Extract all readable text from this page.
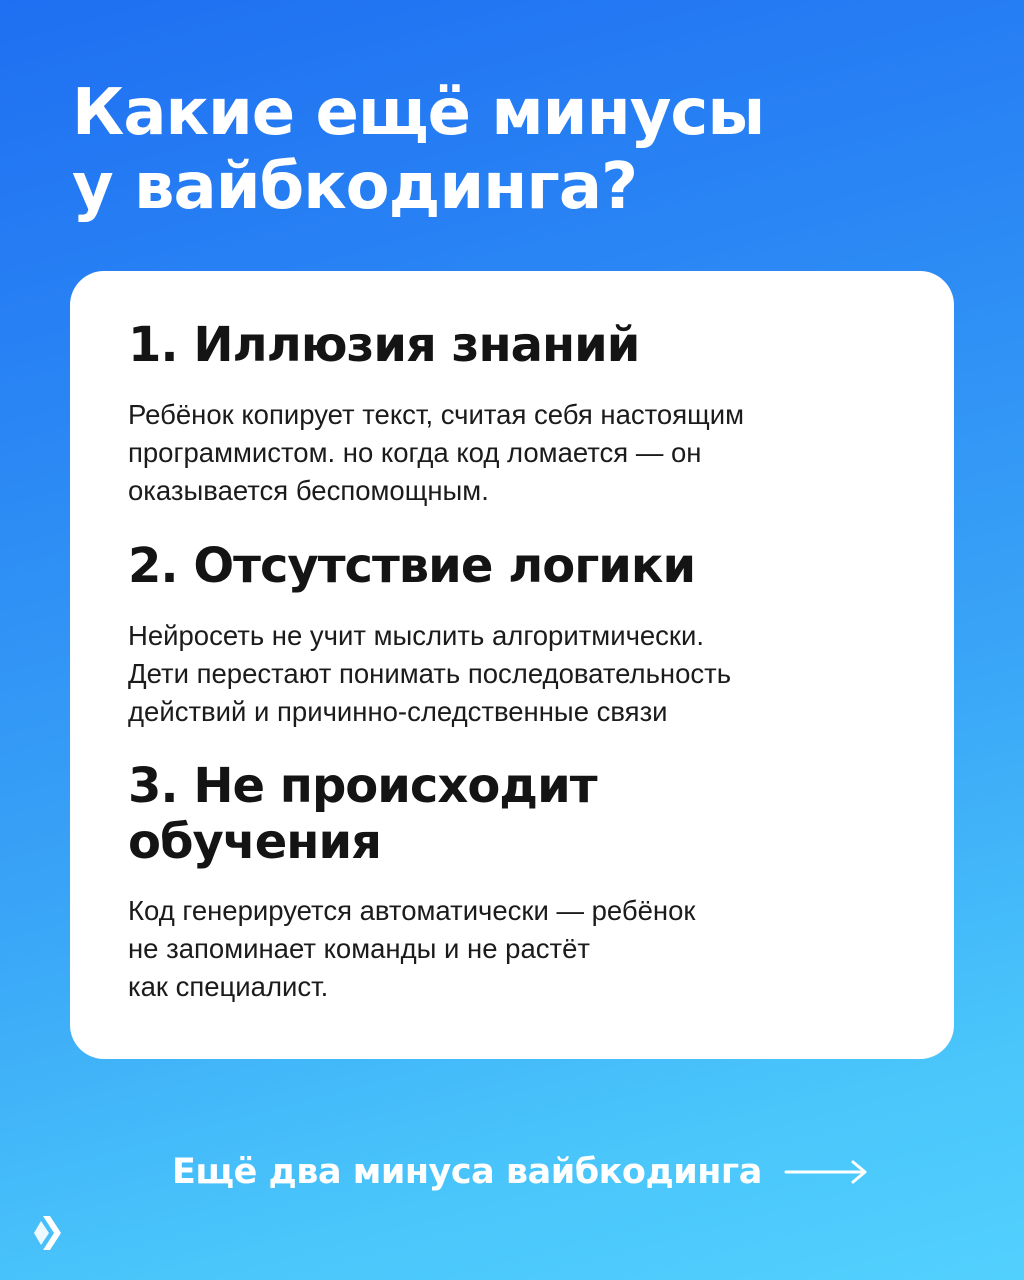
Какие ещё минусы
у вайбкодинга?
1. Иллюзия знаний

Ребёнок копирует текст, считая себя настоящим
программистом. но когда код ломается — он
оказывается беспомощным.

2. Отсутствие логики

Нейросеть не учит мыслить алгоритмически.
Дети перестают понимать последовательность
действий и причинно-следственные связи

3. Не происходит
обучения

Код генерируется автоматически — ребёнок
не запоминает команды и не растёт
как специалист.

Ещё два минуса вайбкодинга
